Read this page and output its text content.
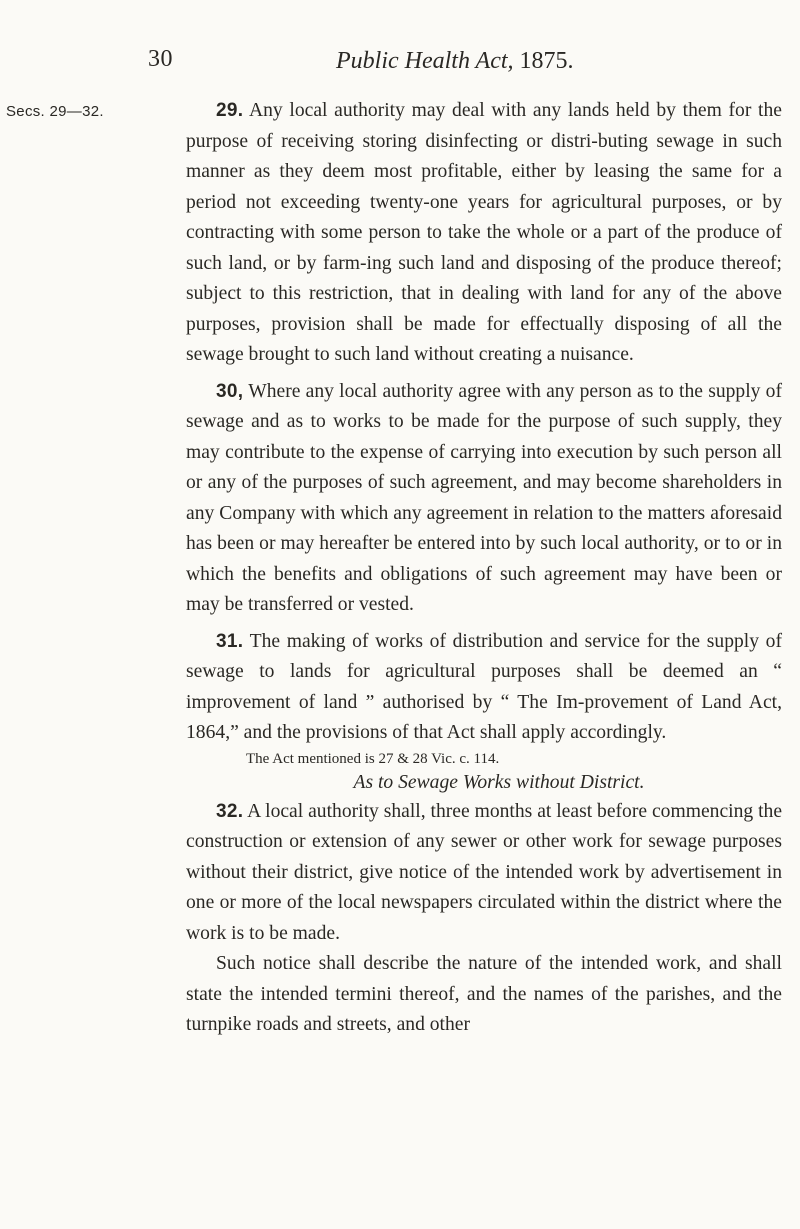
30	Public Health Act, 1875.
Secs. 29—32.	29. Any local authority may deal with any lands held by them for the purpose of receiving storing disinfecting or distri-buting sewage in such manner as they deem most profitable, either by leasing the same for a period not exceeding twenty-one years for agricultural purposes, or by contracting with some person to take the whole or a part of the produce of such land, or by farm-ing such land and disposing of the produce thereof; subject to this restriction, that in dealing with land for any of the above purposes, provision shall be made for effectually disposing of all the sewage brought to such land without creating a nuisance.

30, Where any local authority agree with any person as to the supply of sewage and as to works to be made for the purpose of such supply, they may contribute to the expense of carrying into execution by such person all or any of the purposes of such agreement, and may become shareholders in any Company with which any agreement in relation to the matters aforesaid has been or may hereafter be entered into by such local authority, or to or in which the benefits and obligations of such agreement may have been or may be transferred or vested.

31. The making of works of distribution and service for the supply of sewage to lands for agricultural purposes shall be deemed an “ improvement of land ” authorised by “ The Im-provement of Land Act, 1864,” and the provisions of that Act shall apply accordingly.

The Act mentioned is 27 & 28 Vic. c. 114.

As to Sewage Works without District.

32. A local authority shall, three months at least before commencing the construction or extension of any sewer or other work for sewage purposes without their district, give notice of the intended work by advertisement in one or more of the local newspapers circulated within the district where the work is to be made.

Such notice shall describe the nature of the intended work, and shall state the intended termini thereof, and the names of the parishes, and the turnpike roads and streets, and other
